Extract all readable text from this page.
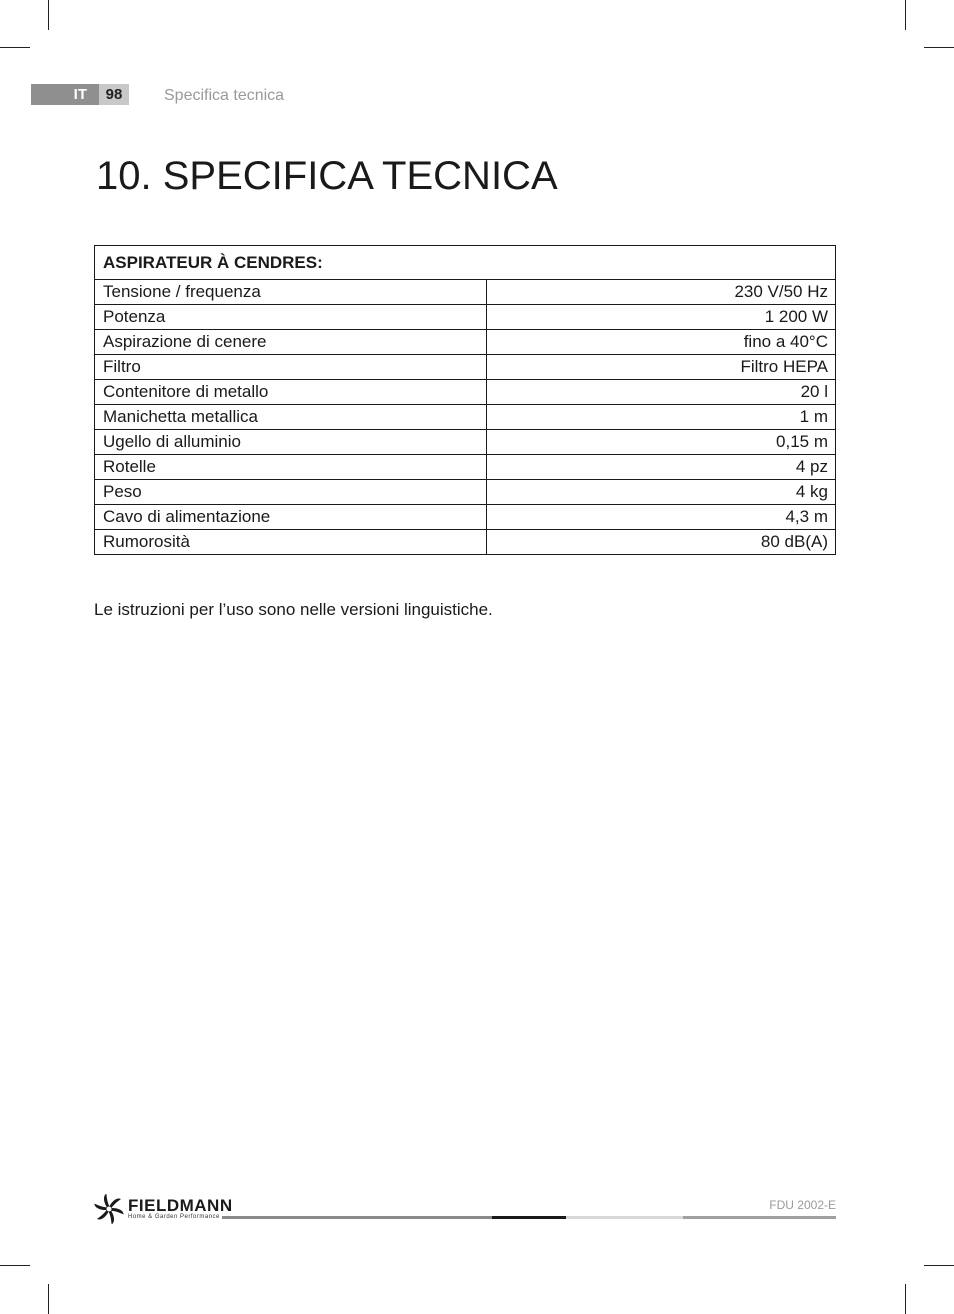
IT	98	Specifica tecnica
10. SPECIFICA TECNICA
ASPIRATEUR À CENDRES:	
Tensione / frequenza	230 V/50 Hz
Potenza	1 200 W
Aspirazione di cenere	fino a 40°C
Filtro	Filtro HEPA
Contenitore di metallo	20 l
Manichetta metallica	1 m
Ugello di alluminio	0,15 m
Rotelle	4 pz
Peso	4 kg
Cavo di alimentazione	4,3 m
Rumorosità	80 dB(A)

Le istruzioni per l’uso sono nelle versioni linguistiche.

FIELDMANN
Home & Garden Performance
FDU 2002-E
